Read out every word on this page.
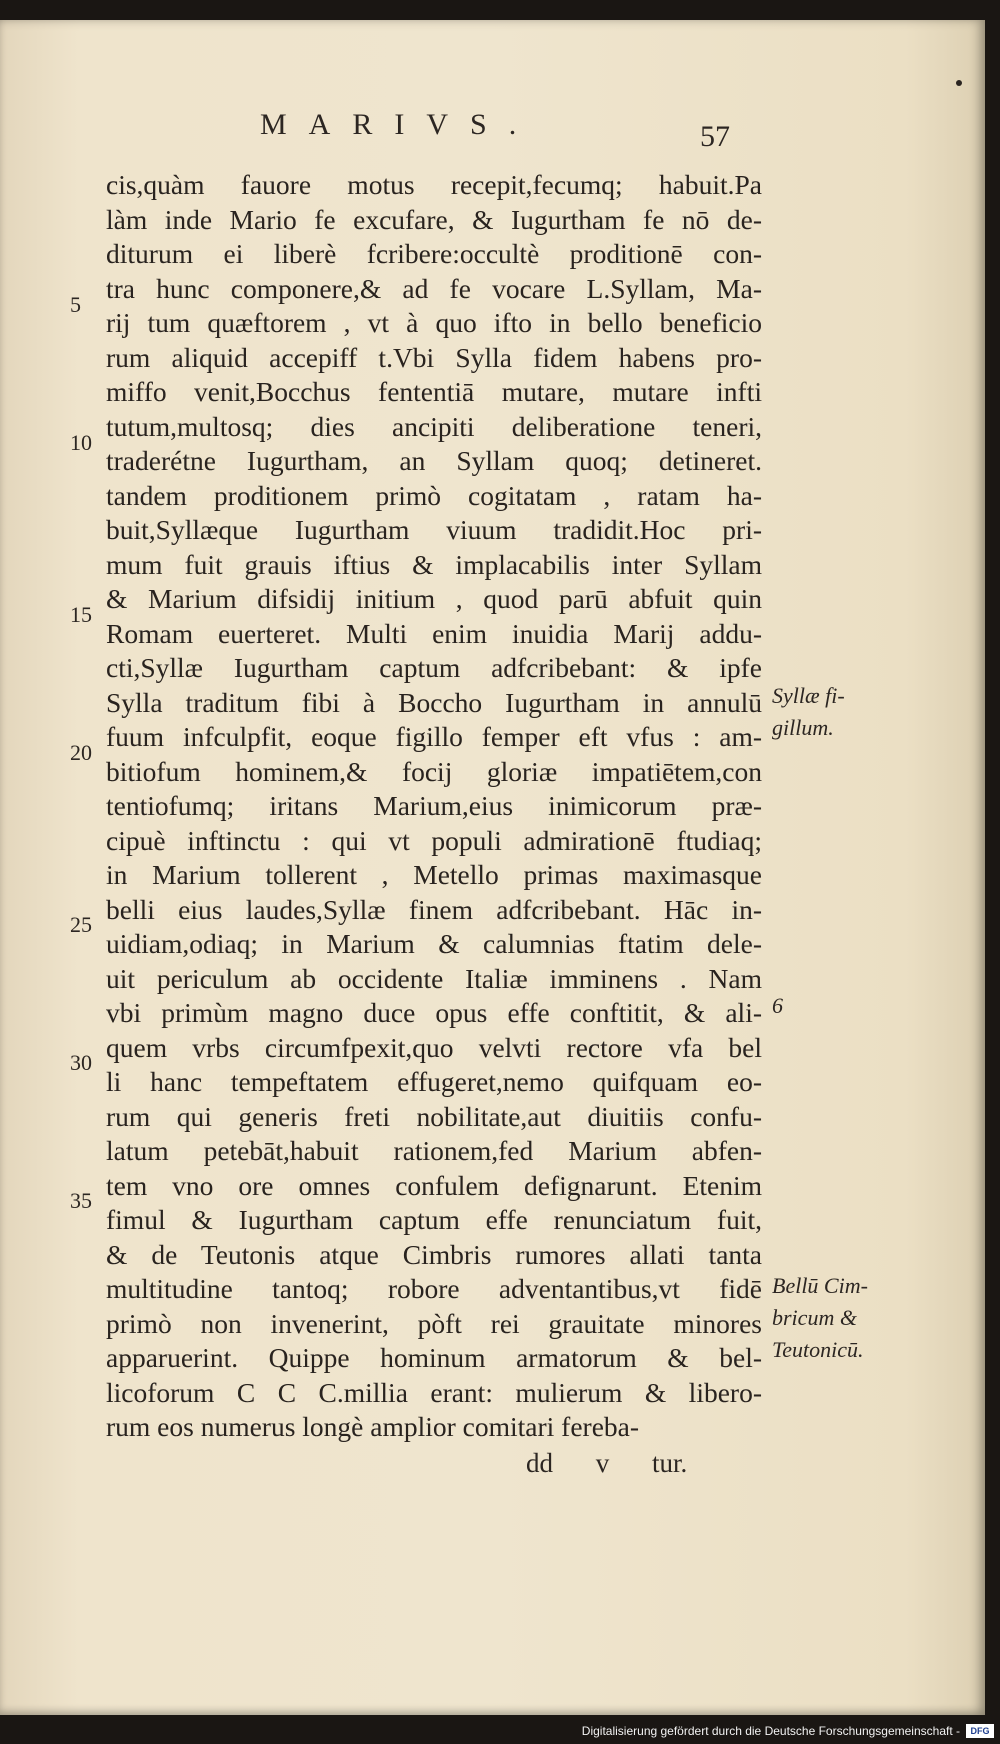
MARIVS.	57
cis,quàm fauore motus recepit,fecumq; habuit.Pa
làm inde Mario fe excufare, & Iugurtham fe nō de-
diturum ei liberè fcribere:occultè proditionē con-
tra hunc componere,& ad fe vocare L.Syllam, Ma-
rij tum quæftorem , vt à quo ifto in bello beneficio
rum aliquid accepiff t.Vbi Sylla fidem habens pro-
miffo venit,Bocchus fententiā mutare, mutare infti
tutum,multosq; dies ancipiti deliberatione teneri,
traderétne Iugurtham, an Syllam quoq; detineret.
tandem proditionem primò cogitatam , ratam ha-
buit,Syllæque Iugurtham viuum tradidit.Hoc pri-
mum fuit grauis iftius & implacabilis inter Syllam
& Marium difsidij initium , quod parū abfuit quin
Romam euerteret. Multi enim inuidia Marij addu-
cti,Syllæ Iugurtham captum adfcribebant: & ipfe
Sylla traditum fibi à Boccho Iugurtham in annulū
fuum infculpfit, eoque figillo femper eft vfus : am-
bitiofum hominem,& focij gloriæ impatiētem,con
tentiofumq; iritans Marium,eius inimicorum præ-
cipuè inftinctu : qui vt populi admirationē ftudiaq;
in Marium tollerent , Metello primas maximasque
belli eius laudes,Syllæ finem adfcribebant. Hāc in-
uidiam,odiaq; in Marium & calumnias ftatim dele-
uit periculum ab occidente Italiæ imminens . Nam
vbi primùm magno duce opus effe conftitit, & ali-
quem vrbs circumfpexit,quo velvti rectore vfa bel
li hanc tempeftatem effugeret,nemo quifquam eo-
rum qui generis freti nobilitate,aut diuitiis confu-
latum petebāt,habuit rationem,fed Marium abfen-
tem vno ore omnes confulem defignarunt. Etenim
fimul & Iugurtham captum effe renunciatum fuit,
& de Teutonis atque Cimbris rumores allati tanta
multitudine tantoq; robore adventantibus,vt fidē
primò non invenerint, pòft rei grauitate minores
apparuerint. Quippe hominum armatorum & bel-
licoforum C C C.millia erant: mulierum & libero-
rum eos numerus longè amplior comitari fereba-
5
10
15
20
25
30
35
Syllæ fi-
gillum.
6
Bellū Cim-
bricum &
Teutonicū.
dd v tur.
Digitalisierung gefördert durch die Deutsche Forschungsgemeinschaft -	DFG
